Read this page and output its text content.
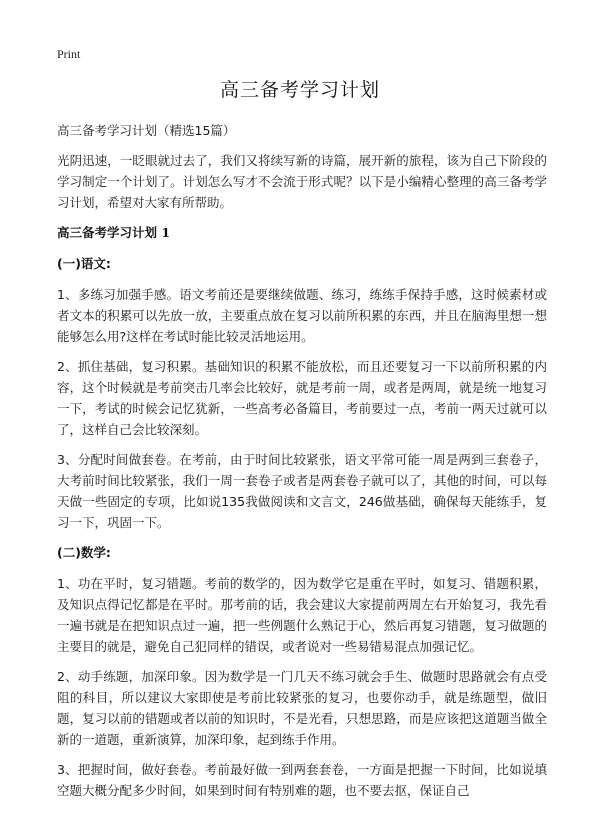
Print
高三备考学习计划

高三备考学习计划（精选15篇）

光阴迅速，一眨眼就过去了，我们又将续写新的诗篇，展开新的旅程，该为自己下阶段的学习制定一个计划了。计划怎么写才不会流于形式呢？以下是小编精心整理的高三备考学习计划，希望对大家有所帮助。

高三备考学习计划 1
(一)语文:

1、多练习加强手感。语文考前还是要继续做题、练习，练练手保持手感，这时候素材或者文本的积累可以先放一放，主要重点放在复习以前所积累的东西，并且在脑海里想一想能够怎么用?这样在考试时能比较灵活地运用。

2、抓住基础，复习积累。基础知识的积累不能放松，而且还要复习一下以前所积累的内容，这个时候就是考前突击几率会比较好，就是考前一周，或者是两周，就是统一地复习一下，考试的时候会记忆犹新，一些高考必备篇目，考前要过一点，考前一两天过就可以了，这样自己会比较深刻。

3、分配时间做套卷。在考前，由于时间比较紧张，语文平常可能一周是两到三套卷子，大考前时间比较紧张，我们一周一套卷子或者是两套卷子就可以了，其他的时间，可以每天做一些固定的专项，比如说135我做阅读和文言文，246做基础，确保每天能练手，复习一下，巩固一下。

(二)数学:

1、功在平时，复习错题。考前的数学的，因为数学它是重在平时，如复习、错题积累，及知识点得记忆都是在平时。那考前的话，我会建议大家提前两周左右开始复习，我先看一遍书就是在把知识点过一遍，把一些例题什么熟记于心，然后再复习错题，复习做题的主要目的就是，避免自己犯同样的错误，或者说对一些易错易混点加强记忆。

2、动手练题，加深印象。因为数学是一门几天不练习就会手生、做题时思路就会有点受阻的科目，所以建议大家即使是考前比较紧张的复习，也要你动手，就是练题型，做旧题，复习以前的错题或者以前的知识时，不是光看，只想思路，而是应该把这道题当做全新的一道题，重新演算，加深印象，起到练手作用。

3、把握时间，做好套卷。考前最好做一到两套套卷，一方面是把握一下时间，比如说填空题大概分配多少时间，如果到时间有特别难的题，也不要去抠，保证自己
